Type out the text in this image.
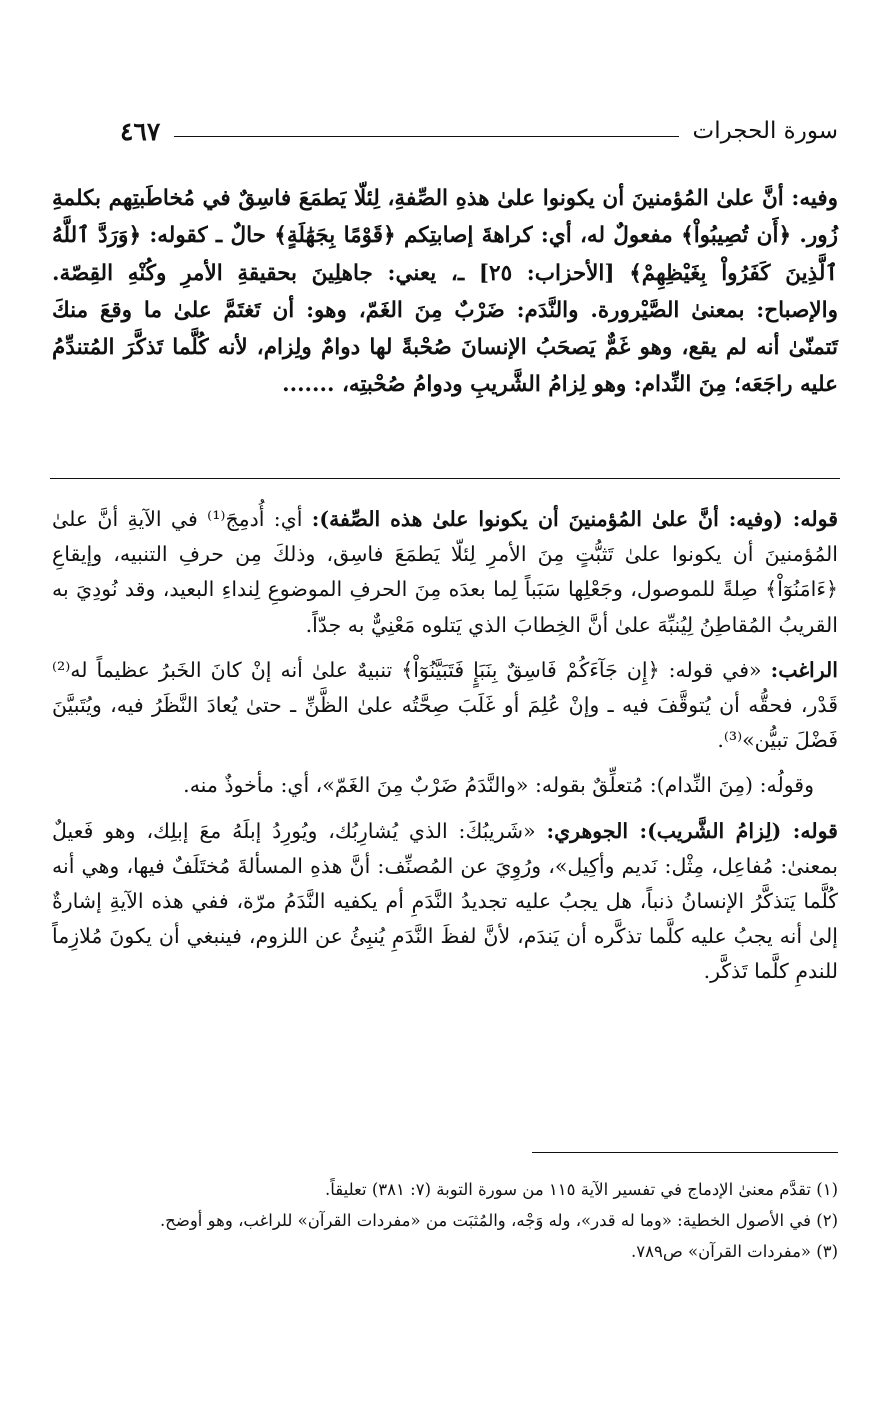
سورة الحجرات
٤٦٧

وفيه: أنَّ علىٰ المُؤمنينَ أن يكونوا علىٰ هذهِ الصِّفةِ، لِئلّا يَطمَعَ فاسِقٌ في مُخاطَبتِهم بكلمةِ زُور. ﴿أَن تُصِيبُواْ﴾ مفعولٌ له، أي: كراهةَ إصابتِكم ﴿قَوْمًا بِجَهَٰلَةٍ﴾ حالٌ ـ كقوله: ﴿وَرَدَّ ٱللَّهُ ٱلَّذِينَ كَفَرُواْ بِغَيْظِهِمْ﴾ [الأحزاب: ٢٥] ـ، يعني: جاهلِينَ بحقيقةِ الأمرِ وكُنْهِ القِصّة. والإصباح: بمعنىٰ الصَّيْرورة. والنَّدَم: ضَرْبٌ مِنَ الغَمّ، وهو: أن تَغتَمَّ علىٰ ما وقعَ منكَ تَتمنّىٰ أنه لم يقع، وهو غَمٌّ يَصحَبُ الإنسانَ صُحْبةً لها دوامٌ ولِزام، لأنه كُلَّما تَذكَّرَ المُتندِّمُ عليه راجَعَه؛ مِنَ النِّدام: وهو لِزامُ الشَّريبِ ودوامُ صُحْبتِه، .......

قوله: (وفيه: أنَّ علىٰ المُؤمنينَ أن يكونوا علىٰ هذه الصِّفة): أي: أُدمِجَ⁽¹⁾ في الآيةِ أنَّ علىٰ المُؤمنينَ أن يكونوا علىٰ تَثبُّتٍ مِنَ الأمرِ لِئلّا يَطمَعَ فاسِق، وذلكَ مِن حرفِ التنبيه، وإيقاعِ ﴿ءَامَنُوٓاْ﴾ صِلةً للموصول، وجَعْلِها سَبَباً لِما بعدَه مِنَ الحرفِ الموضوعِ لِنداءِ البعيد، وقد نُودِيَ به القريبُ المُقاطِنُ لِيُنبِّهَ علىٰ أنَّ الخِطابَ الذي يَتلوه مَعْنِيٌّ به جدّاً.

الراغب: «في قوله: ﴿إِن جَآءَكُمْ فَاسِقٌ بِنَبَإٍ فَتَبَيَّنُوٓاْ﴾ تنبيهٌ علىٰ أنه إنْ كانَ الخَبرُ عظيماً له⁽²⁾ قَدْر، فحقُّه أن يُتوقَّفَ فيه ـ وإنْ عُلِمَ أو غَلَبَ صِحَّتُه علىٰ الظَّنِّ ـ حتىٰ يُعادَ النَّظَرُ فيه، ويُتَبيَّنَ فَضْلَ تبيُّن»⁽³⁾.

وقولُه: (مِنَ النِّدام): مُتعلِّقٌ بقوله: «والنَّدَمُ ضَرْبٌ مِنَ الغَمّ»، أي: مأخوذٌ منه.

قوله: (لِزامُ الشَّريب): الجوهري: «شَريبُكَ: الذي يُشارِبُك، ويُورِدُ إبلَهُ معَ إبلِك، وهو فَعيلٌ بمعنىٰ: مُفاعِل، مِثْل: نَديم وأكِيل»، ورُوِيَ عن المُصنِّف: أنَّ هذهِ المسألةَ مُختَلَفٌ فيها، وهي أنه كُلَّما يَتذكَّرُ الإنسانُ ذنباً، هل يجبُ عليه تجديدُ النَّدَمِ أم يكفيه النَّدَمُ مرّة، ففي هذه الآيةِ إشارةٌ إلىٰ أنه يجبُ عليه كلَّما تذكَّره أن يَندَم، لأنَّ لفظَ النَّدَمِ يُنبِئُ عن اللزوم، فينبغي أن يكونَ مُلازِماً للندمِ كلَّما تَذكَّر.

(١) تقدَّم معنىٰ الإدماج في تفسير الآية ١١٥ من سورة التوبة (٧: ٣٨١) تعليقاً.

(٢) في الأصول الخطية: «وما له قدر»، وله وَجْه، والمُثبَت من «مفردات القرآن» للراغب، وهو أوضح.

(٣) «مفردات القرآن» ص٧٨٩.
